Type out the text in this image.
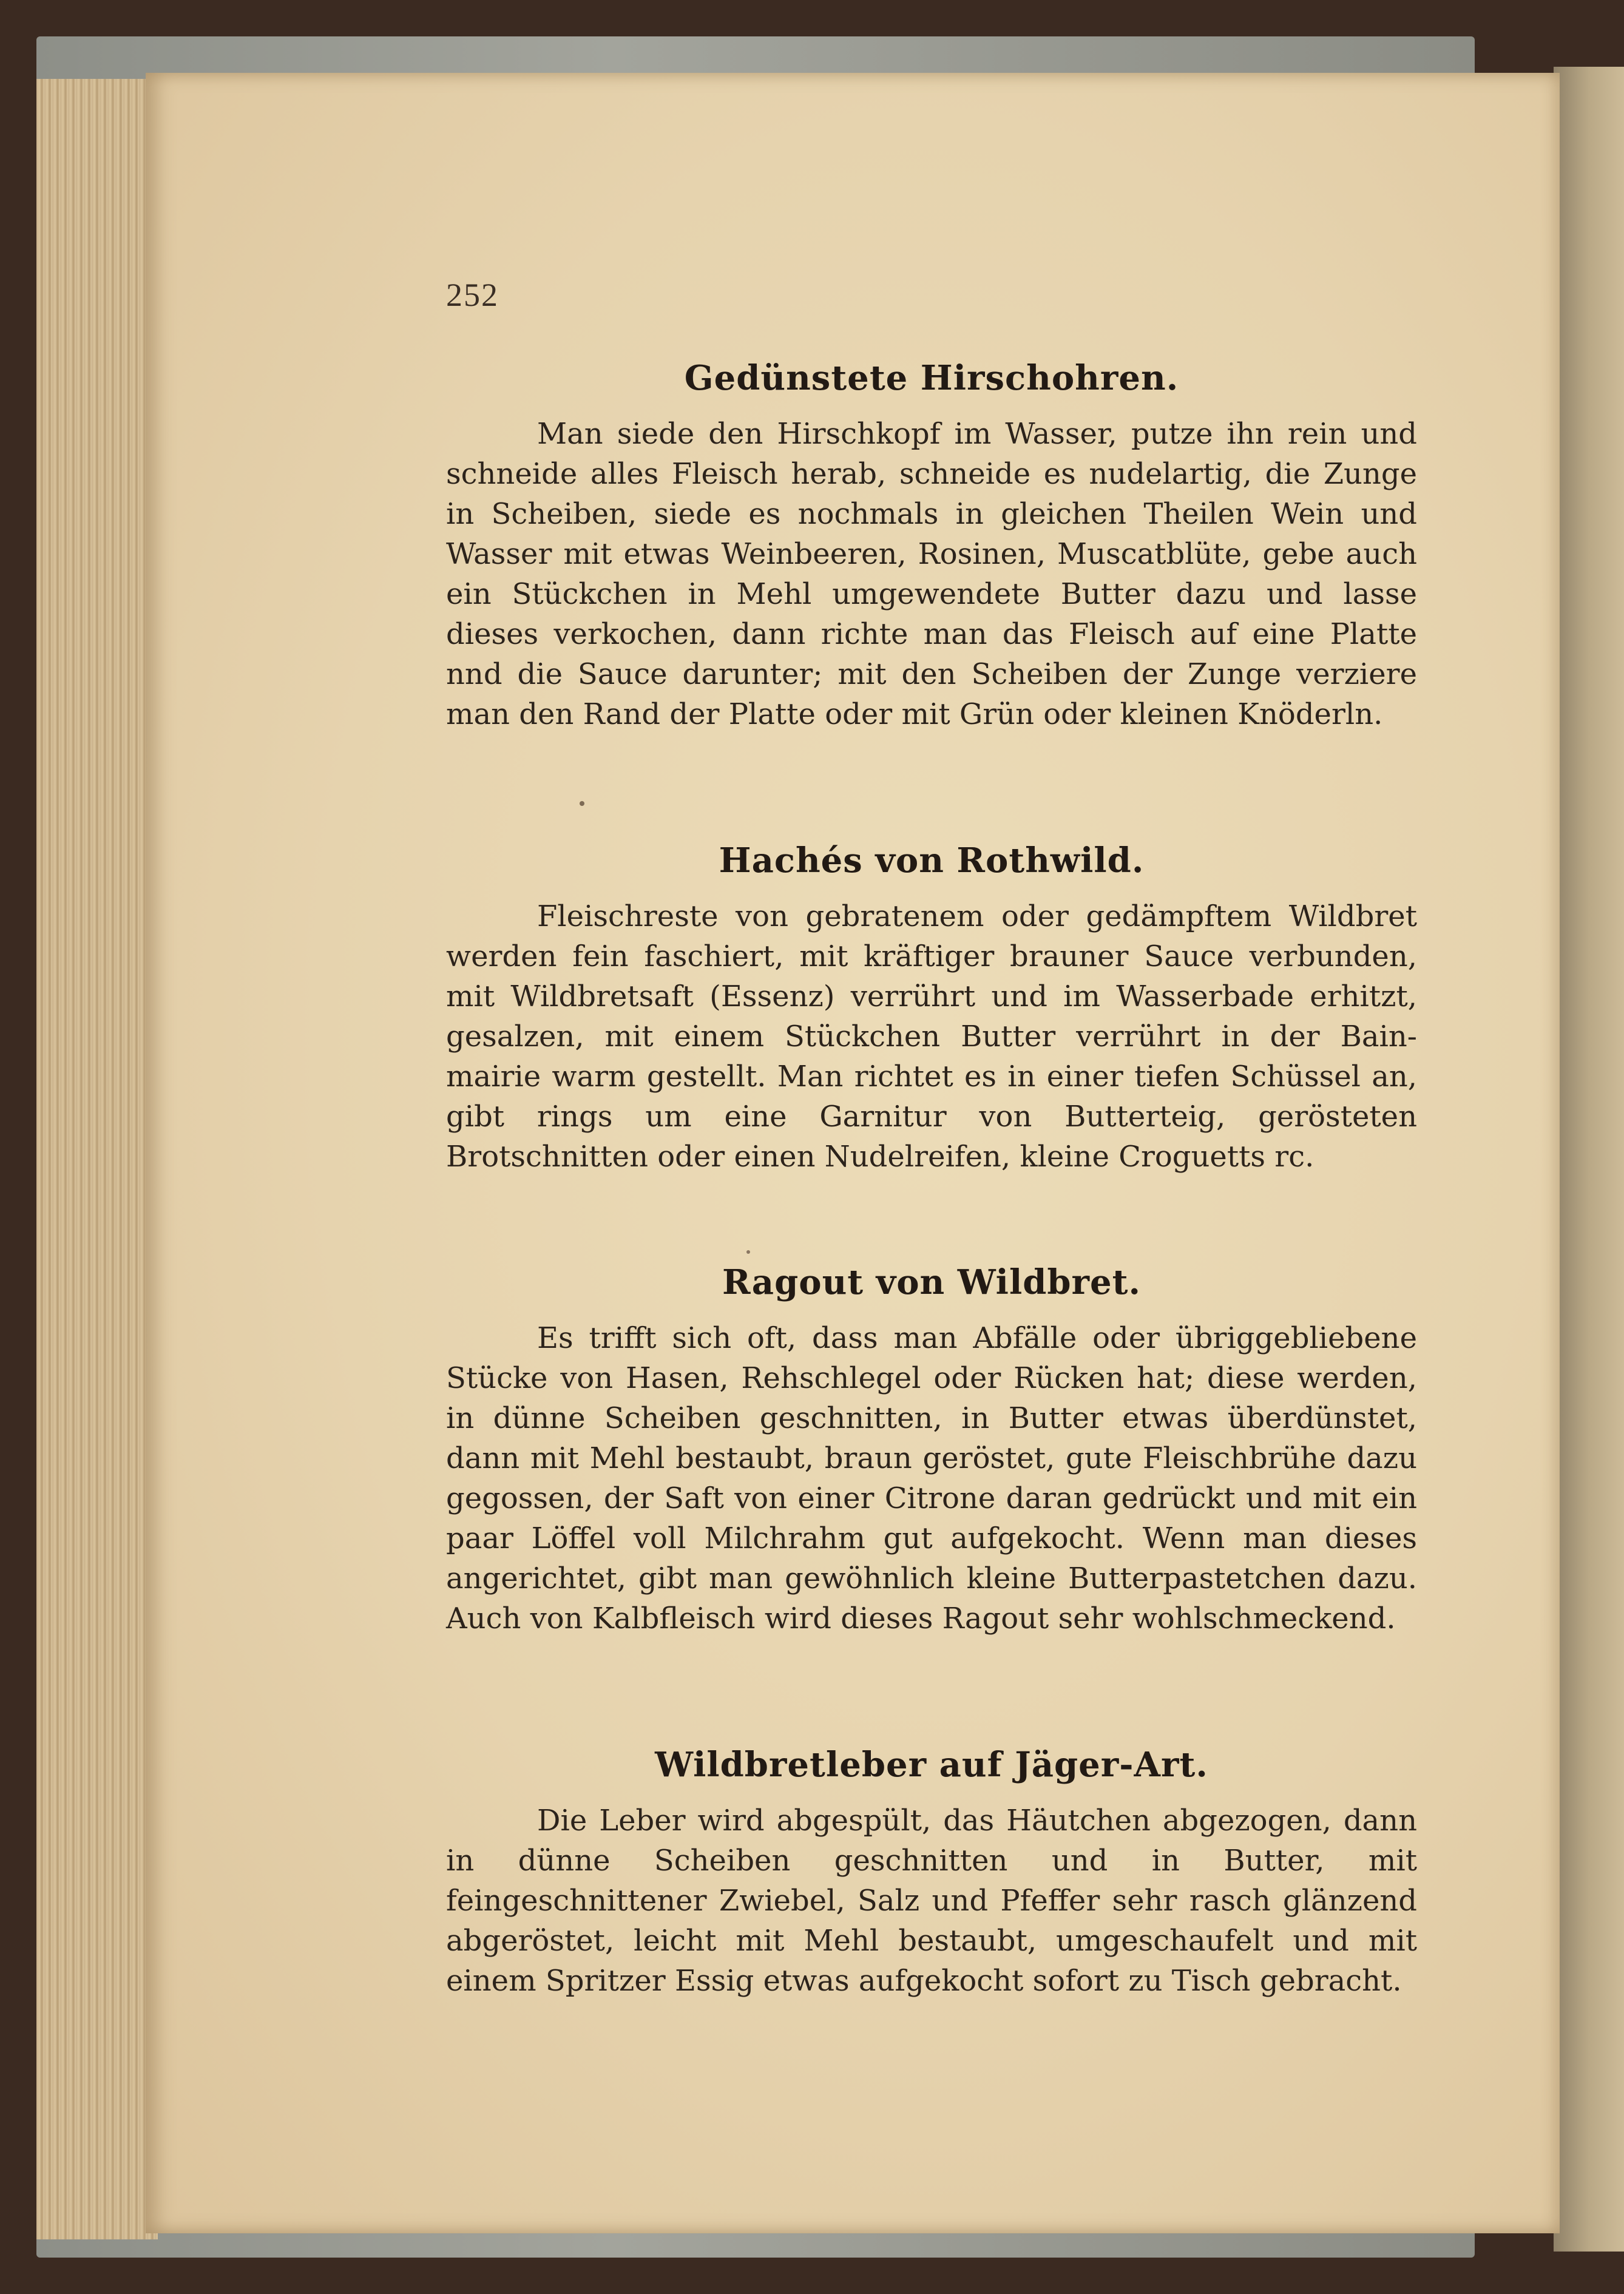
252
Gedünstete Hirschohren.

Man siede den Hirschkopf im Wasser, putze ihn rein und schneide alles Fleisch herab, schneide es nudelartig, die Zunge in Scheiben, siede es nochmals in gleichen Theilen Wein und Wasser mit etwas Weinbeeren, Rosinen, Muscatblüte, gebe auch ein Stückchen in Mehl umgewendete Butter dazu und lasse dieses verkochen, dann richte man das Fleisch auf eine Platte nnd die Sauce darunter; mit den Scheiben der Zunge verziere man den Rand der Platte oder mit Grün oder kleinen Knöderln.

Hachés von Rothwild.

Fleischreste von gebratenem oder gedämpftem Wildbret werden fein faschiert, mit kräftiger brauner Sauce verbunden, mit Wildbretsaft (Essenz) verrührt und im Wasserbade erhitzt, gesalzen, mit einem Stückchen Butter verrührt in der Bain-mairie warm gestellt. Man richtet es in einer tiefen Schüssel an, gibt rings um eine Garnitur von Butterteig, gerösteten Brotschnitten oder einen Nudelreifen, kleine Croguetts rc.

Ragout von Wildbret.

Es trifft sich oft, dass man Abfälle oder übriggebliebene Stücke von Hasen, Rehschlegel oder Rücken hat; diese werden, in dünne Scheiben geschnitten, in Butter etwas überdünstet, dann mit Mehl bestaubt, braun geröstet, gute Fleischbrühe dazu gegossen, der Saft von einer Citrone daran gedrückt und mit ein paar Löffel voll Milchrahm gut aufgekocht. Wenn man dieses angerichtet, gibt man gewöhnlich kleine Butterpastetchen dazu. Auch von Kalbfleisch wird dieses Ragout sehr wohlschmeckend.

Wildbretleber auf Jäger-Art.

Die Leber wird abgespült, das Häutchen abgezogen, dann in dünne Scheiben geschnitten und in Butter, mit feingeschnittener Zwiebel, Salz und Pfeffer sehr rasch glänzend abgeröstet, leicht mit Mehl bestaubt, umgeschaufelt und mit einem Spritzer Essig etwas aufgekocht sofort zu Tisch gebracht.
